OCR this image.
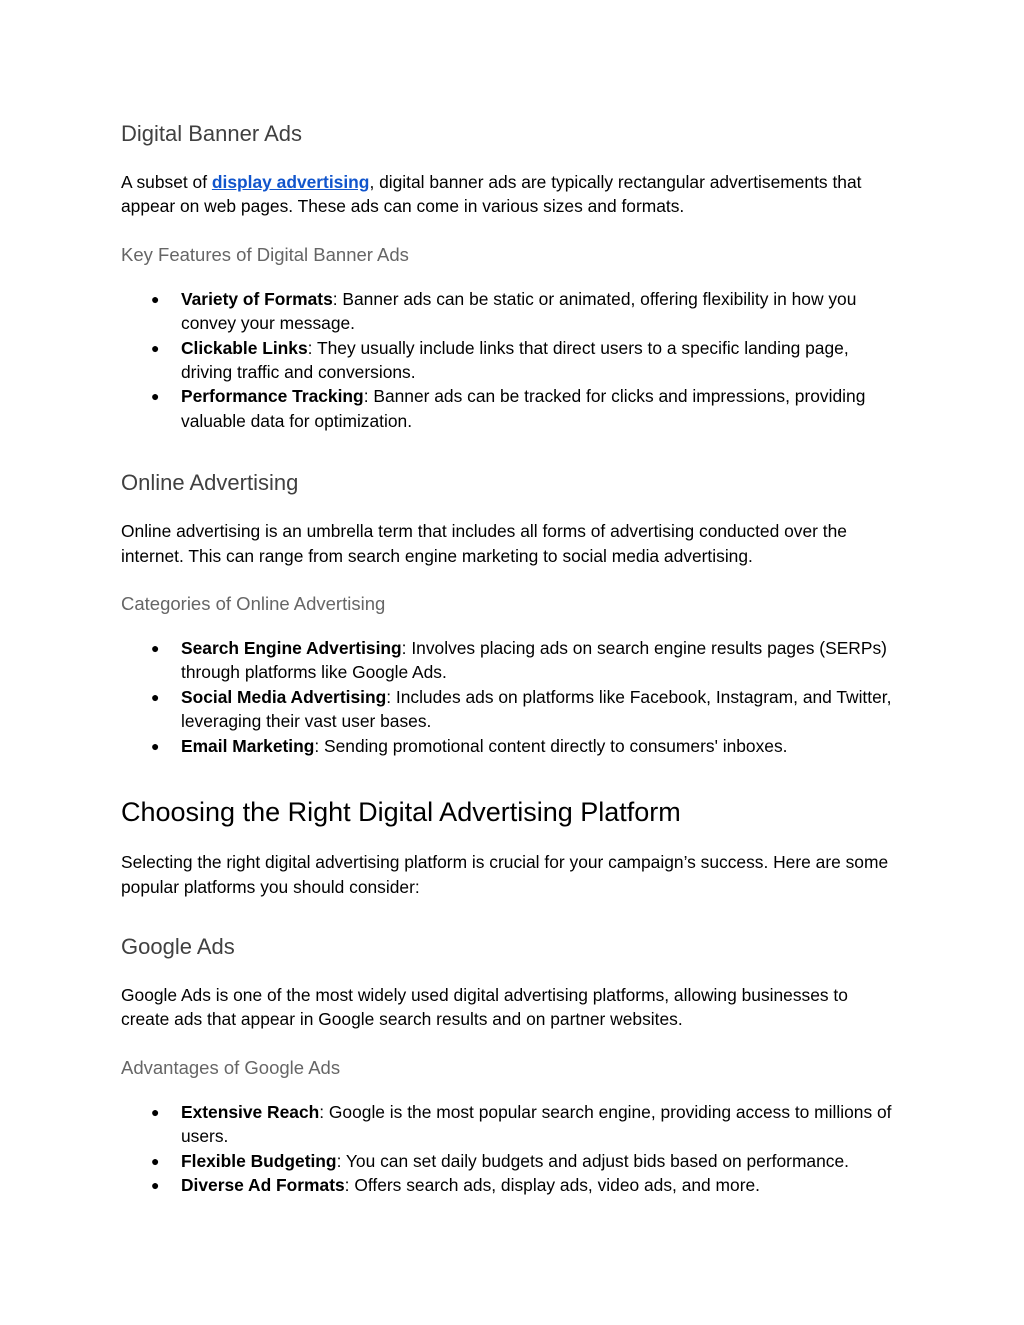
Digital Banner Ads

A subset of display advertising, digital banner ads are typically rectangular advertisements that appear on web pages. These ads can come in various sizes and formats.

Key Features of Digital Banner Ads
● Variety of Formats: Banner ads can be static or animated, offering flexibility in how you convey your message.
● Clickable Links: They usually include links that direct users to a specific landing page, driving traffic and conversions.
● Performance Tracking: Banner ads can be tracked for clicks and impressions, providing valuable data for optimization.
Online Advertising

Online advertising is an umbrella term that includes all forms of advertising conducted over the internet. This can range from search engine marketing to social media advertising.

Categories of Online Advertising
● Search Engine Advertising: Involves placing ads on search engine results pages (SERPs) through platforms like Google Ads.
● Social Media Advertising: Includes ads on platforms like Facebook, Instagram, and Twitter, leveraging their vast user bases.
● Email Marketing: Sending promotional content directly to consumers' inboxes.
Choosing the Right Digital Advertising Platform

Selecting the right digital advertising platform is crucial for your campaign’s success. Here are some popular platforms you should consider:

Google Ads

Google Ads is one of the most widely used digital advertising platforms, allowing businesses to create ads that appear in Google search results and on partner websites.

Advantages of Google Ads
● Extensive Reach: Google is the most popular search engine, providing access to millions of users.
● Flexible Budgeting: You can set daily budgets and adjust bids based on performance.
● Diverse Ad Formats: Offers search ads, display ads, video ads, and more.
